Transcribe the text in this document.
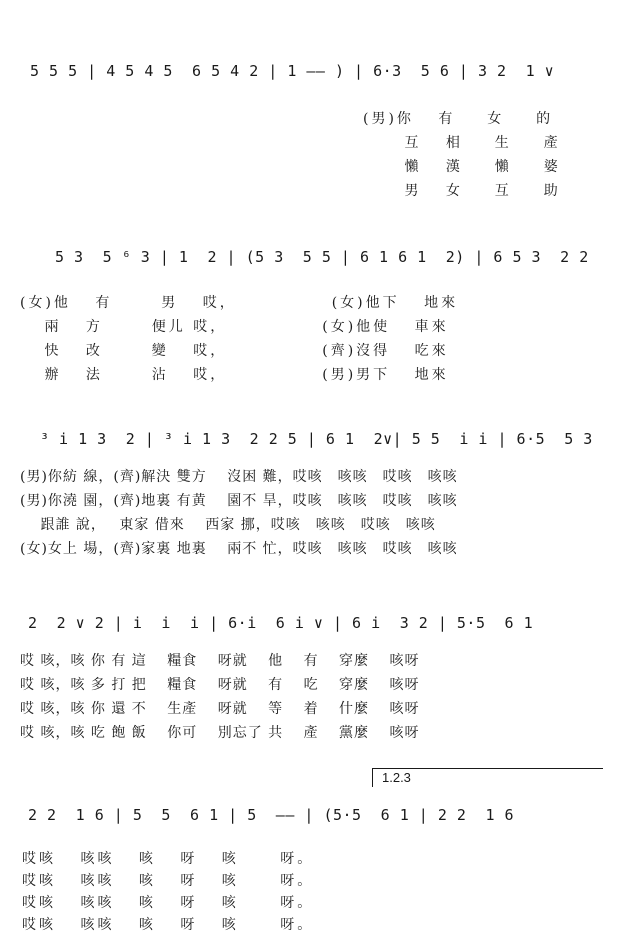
5 5 5 | 4 5 4 5  6 5 4 2 | 1 —— ) | 6·3  5 6 | 3 2  1 ∨
(男)你　 有　  女　  的
　　 互　 相　  生　  產
　　 懶　 漢　  懶　  婆
　　 男　 女　  互　  助
5 3  5 ⁶ 3 | 1  2 | (5 3  5 5 | 6 1 6 1  2) | 6 5 3  2 2
(女)他　 有　　  男　 哎，　　　　　　(女)他下　 地來
　 兩　 方　　  便儿 哎，　　　　　　(女)他使　 車來
　 快　 改　　  變　 哎，　　　　　　(齊)沒得　 吃來
　 辦　 法　　  沾　 哎，　　　　　　(男)男下　 地來
³ i 1 3  2 | ³ i 1 3  2 2 5 | 6 1  2∨| 5 5  i i | 6·5  5 3
(男)你紡 線，(齊)解決 雙方　 沒困 難，哎咳　咳咳　哎咳　咳咳
(男)你澆 園，(齊)地裏 有黄　 園不 旱，哎咳　咳咳　哎咳　咳咳
　 跟誰 說，　 東家 借來　 西家 挪，哎咳　咳咳　哎咳　咳咳
(女)女上 場，(齊)家裏 地裏　 兩不 忙，哎咳　咳咳　哎咳　咳咳
2  2 ∨ 2 | i  i  i | 6·i  6 i ∨ | 6 i  3 2 | 5·5  6 1
哎 咳，咳 你 有 這　 糧食　 呀就　 他　 有　 穿麼　 咳呀
哎 咳，咳 多 打 把　 糧食　 呀就　 有　 吃　 穿麼　 咳呀
哎 咳，咳 你 還 不　 生產　 呀就　 等　 着　 什麼　 咳呀
哎 咳，咳 吃 飽 飯　 你可　 別忘了 共　 產　 黨麼　 咳呀
1.2.3
2 2  1 6 | 5  5  6 1 | 5  —— | (5·5  6 1 | 2 2  1 6
哎咳　 咳咳　 咳　 呀　 咳　　 呀。
哎咳　 咳咳　 咳　 呀　 咳　　 呀。
哎咳　 咳咳　 咳　 呀　 咳　　 呀。
哎咳　 咳咳　 咳　 呀　 咳　　 呀。
